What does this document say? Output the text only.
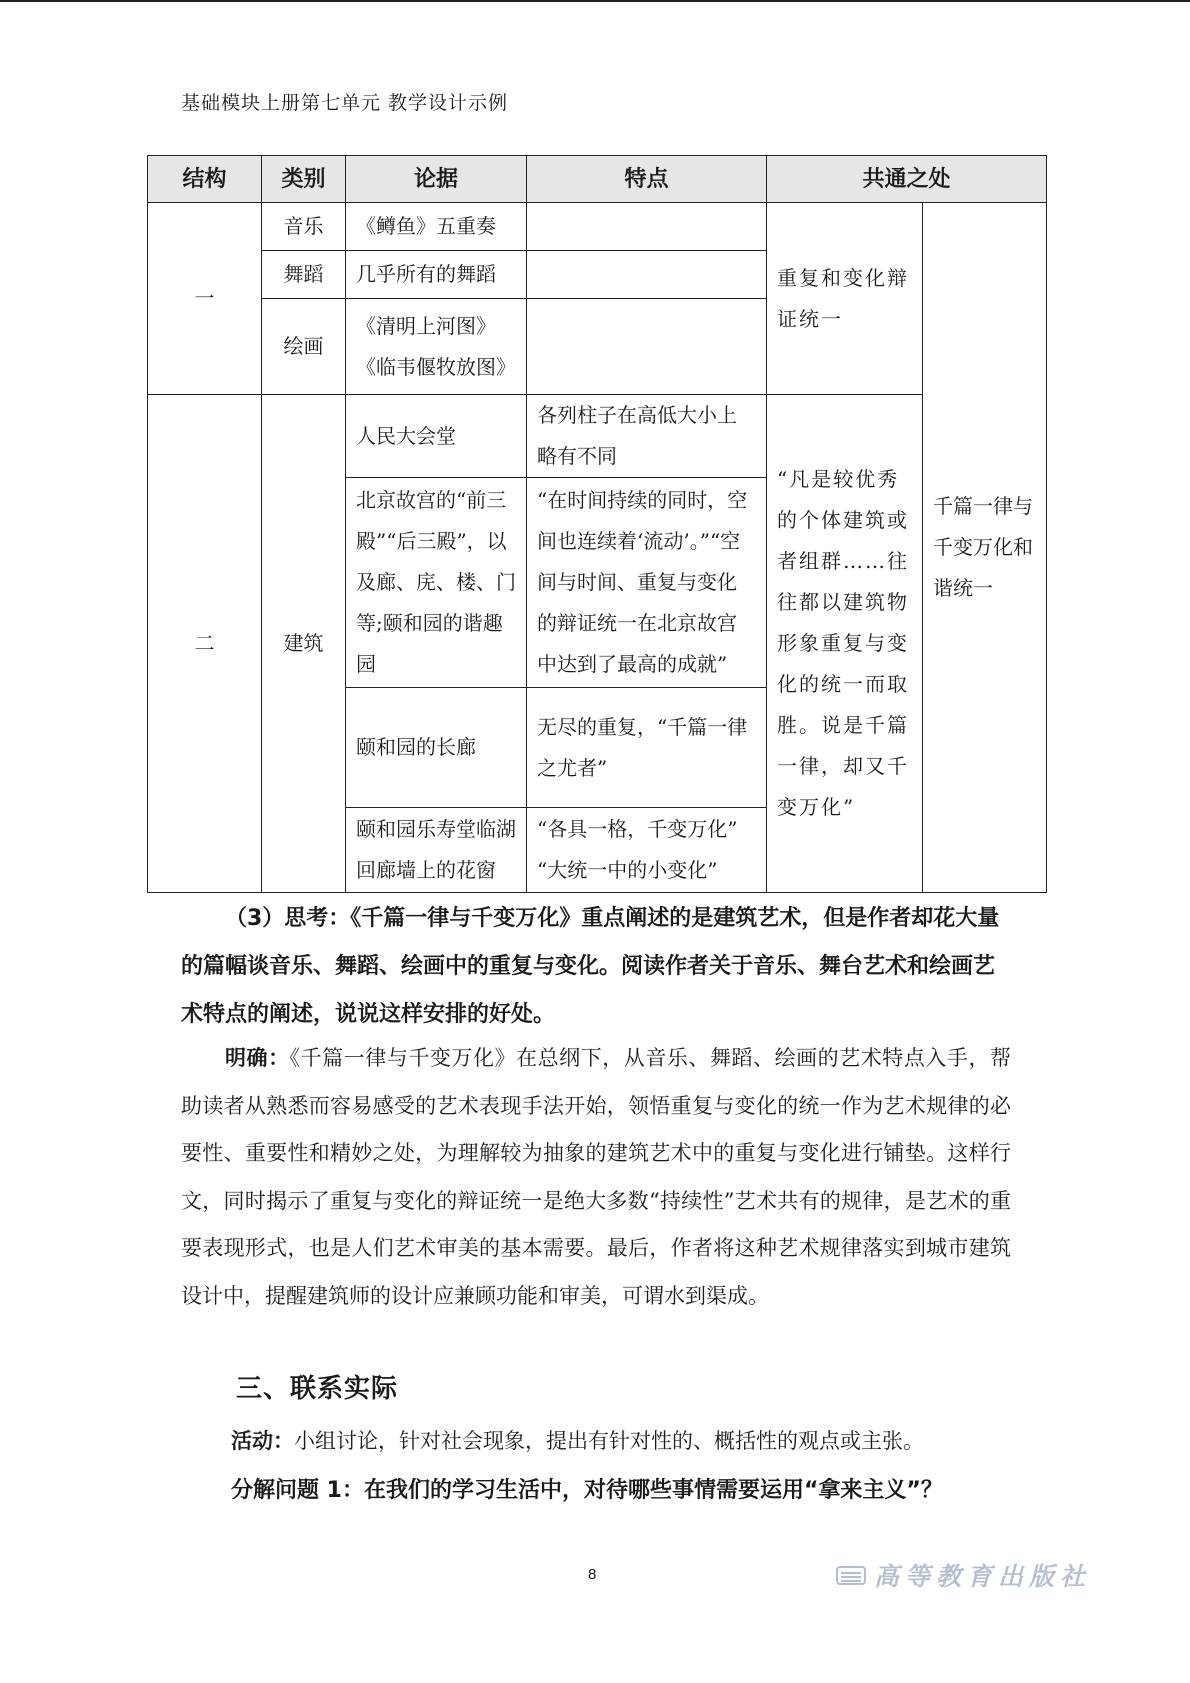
基础模块上册第七单元 教学设计示例
结构	类别	论据	特点	共通之处	
一	音乐	《鳟鱼》五重奏		重复和变化辩证统一	千篇一律与千变万化和谐统一
	舞蹈	几乎所有的舞蹈			
	绘画	《清明上河图》
《临韦偃牧放图》			

二	建筑	人民大会堂	各列柱子在高低大小上略有不同	“凡是较优秀的个体建筑或者组群……往往都以建筑物形象重复与变化的统一而取胜。说是千篇一律，却又千变万化”	
		北京故宫的“前三殿”“后三殿”，以及廊、庑、楼、门等;颐和园的谐趣园	“在时间持续的同时，空间也连续着‘流动’。”“空间与时间、重复与变化的辩证统一在北京故宫中达到了最高的成就”		
		颐和园的长廊	无尽的重复，“千篇一律之尤者”		
		颐和园乐寿堂临湖回廊墙上的花窗	“各具一格，千变万化”
“大统一中的小变化”		
（3）思考：《千篇一律与千变万化》重点阐述的是建筑艺术，但是作者却花大量的篇幅谈音乐、舞蹈、绘画中的重复与变化。阅读作者关于音乐、舞台艺术和绘画艺术特点的阐述，说说这样安排的好处。
明确：《千篇一律与千变万化》在总纲下，从音乐、舞蹈、绘画的艺术特点入手，帮助读者从熟悉而容易感受的艺术表现手法开始，领悟重复与变化的统一作为艺术规律的必要性、重要性和精妙之处，为理解较为抽象的建筑艺术中的重复与变化进行铺垫。这样行文，同时揭示了重复与变化的辩证统一是绝大多数“持续性”艺术共有的规律，是艺术的重要表现形式，也是人们艺术审美的基本需要。最后，作者将这种艺术规律落实到城市建筑设计中，提醒建筑师的设计应兼顾功能和审美，可谓水到渠成。
三、联系实际
活动：小组讨论，针对社会现象，提出有针对性的、概括性的观点或主张。
分解问题 1：在我们的学习生活中，对待哪些事情需要运用“拿来主义”？
8	高等教育出版社
